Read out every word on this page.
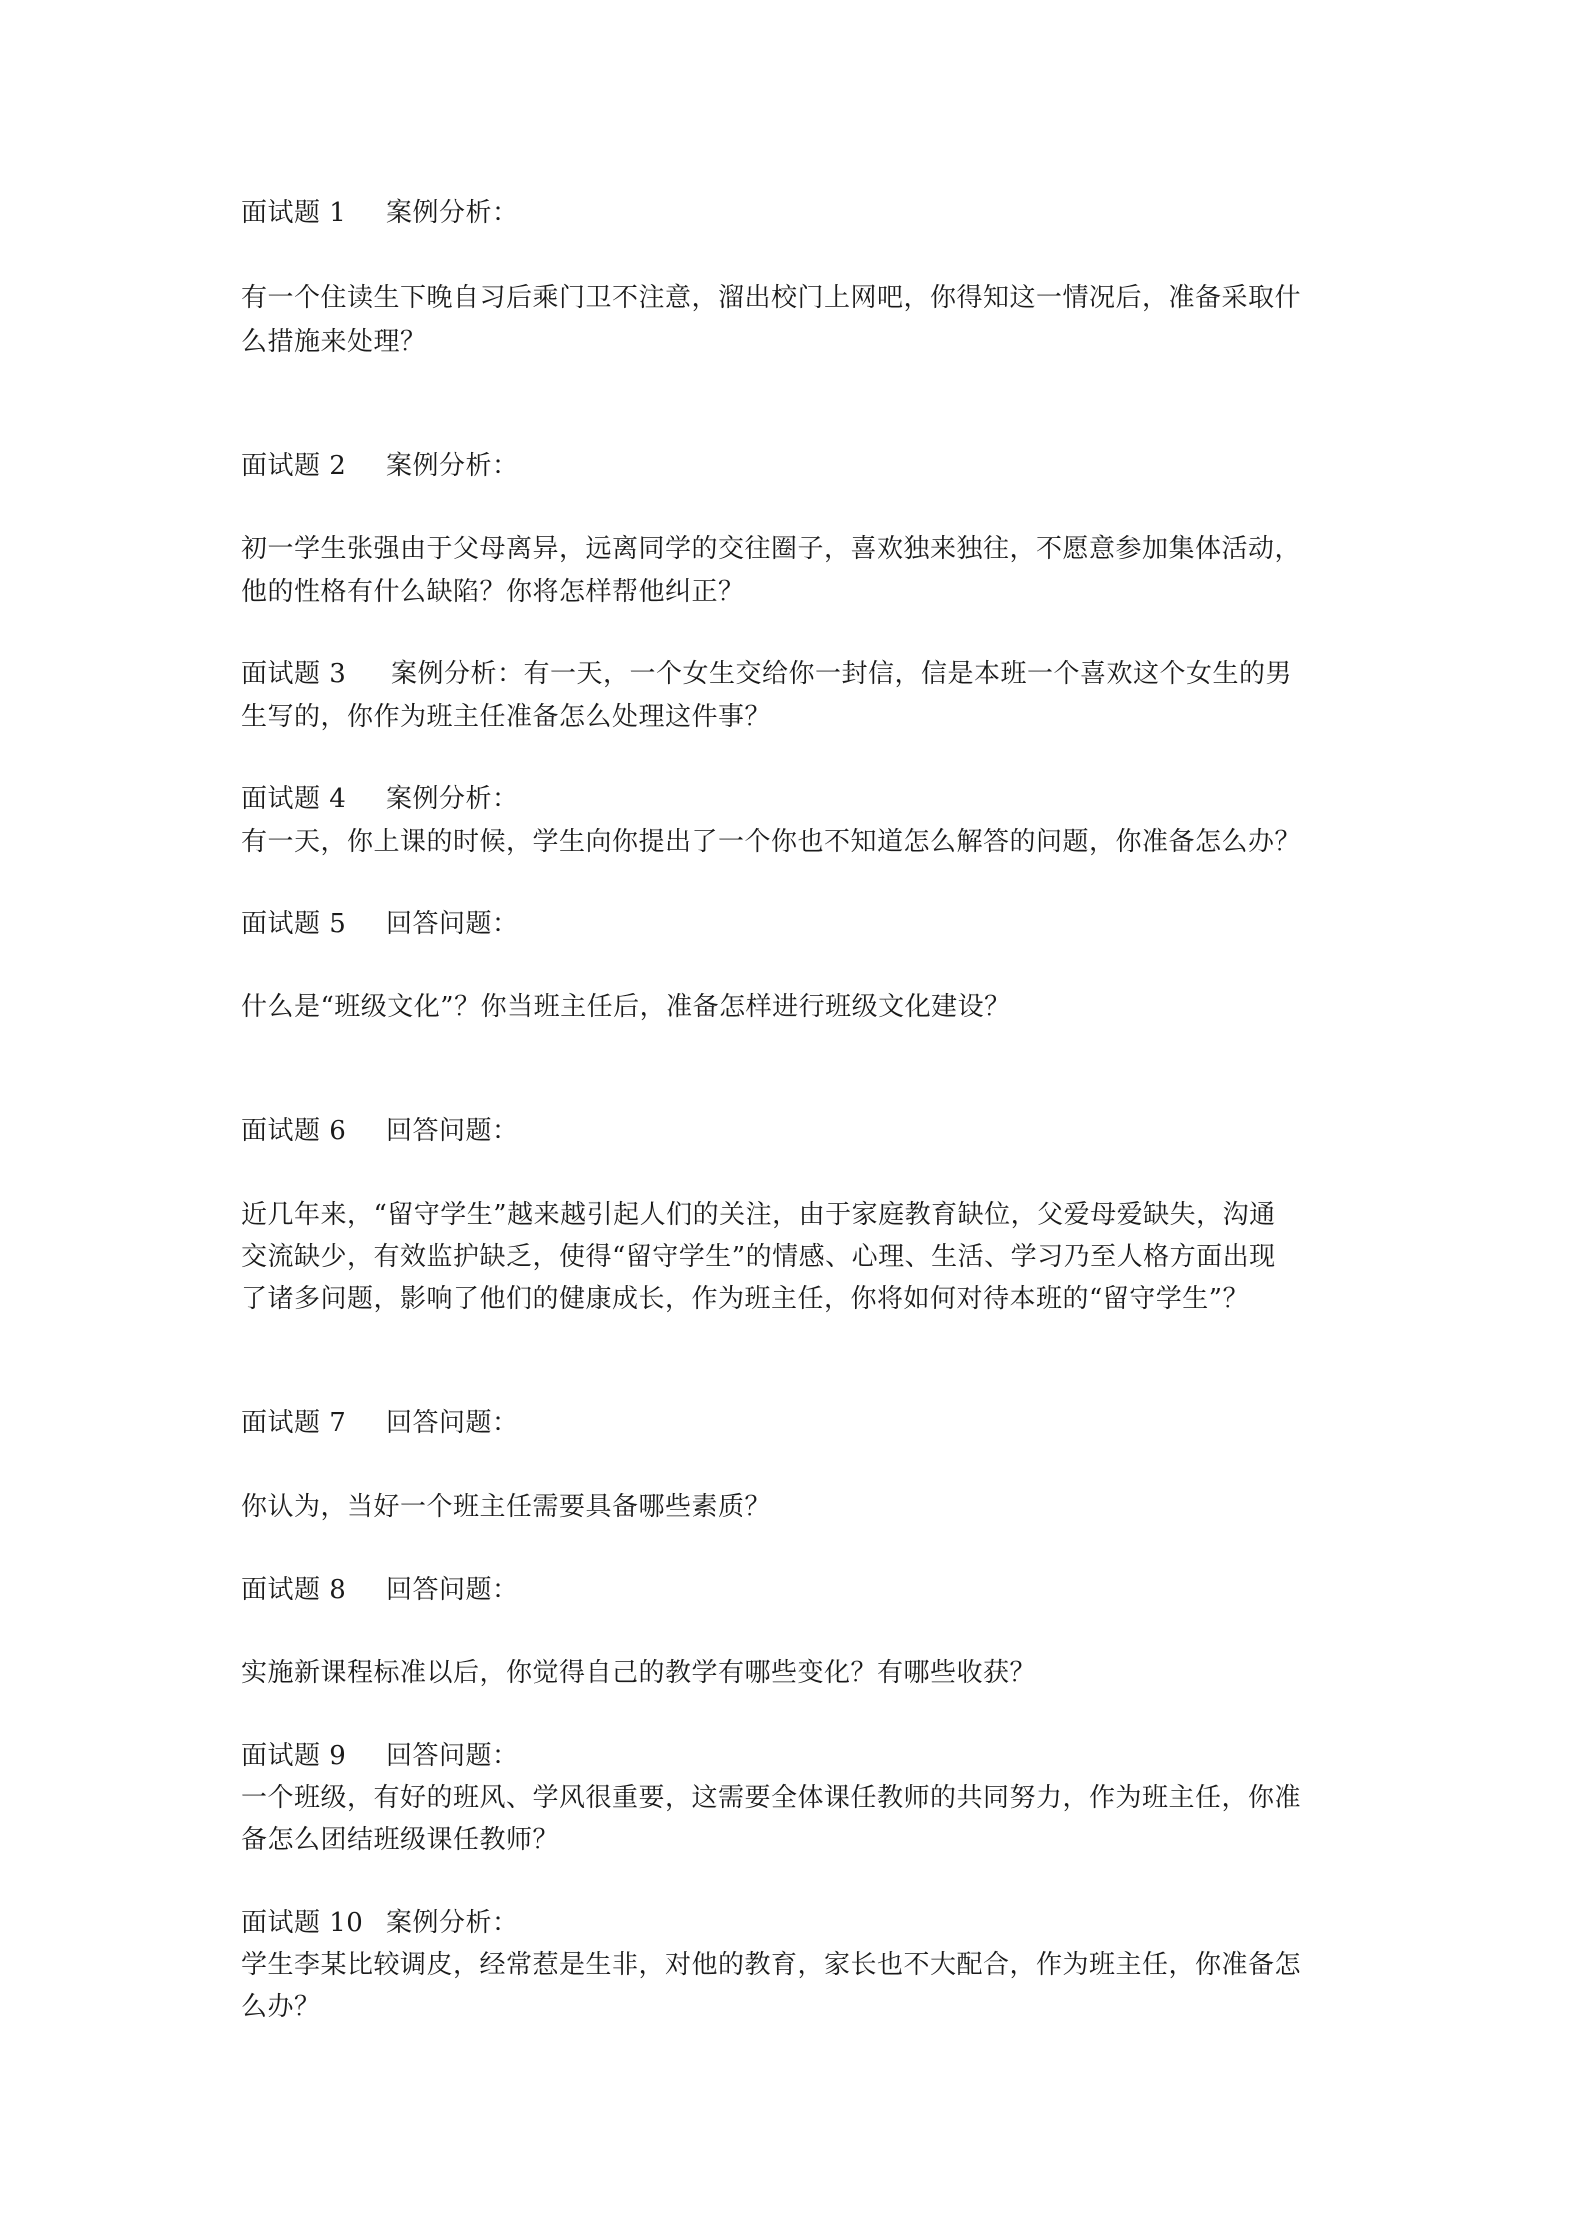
面试题 1 案例分析：
有一个住读生下晚自习后乘门卫不注意，溜出校门上网吧，你得知这一情况后，准备采取什
么措施来处理？
面试题 2 案例分析：
初一学生张强由于父母离异，远离同学的交往圈子，喜欢独来独往，不愿意参加集体活动，
他的性格有什么缺陷？你将怎样帮他纠正？
面试题 3 案例分析：有一天，一个女生交给你一封信，信是本班一个喜欢这个女生的男
生写的，你作为班主任准备怎么处理这件事？
面试题 4 案例分析：
有一天，你上课的时候，学生向你提出了一个你也不知道怎么解答的问题，你准备怎么办？
面试题 5 回答问题：
什么是“班级文化”？你当班主任后，准备怎样进行班级文化建设？
面试题 6 回答问题：
近几年来，“留守学生”越来越引起人们的关注，由于家庭教育缺位，父爱母爱缺失，沟通
交流缺少，有效监护缺乏，使得“留守学生”的情感、心理、生活、学习乃至人格方面出现
了诸多问题，影响了他们的健康成长，作为班主任，你将如何对待本班的“留守学生”？
面试题 7 回答问题：
你认为，当好一个班主任需要具备哪些素质？
面试题 8 回答问题：
实施新课程标准以后，你觉得自己的教学有哪些变化？有哪些收获？
面试题 9 回答问题：
一个班级，有好的班风、学风很重要，这需要全体课任教师的共同努力，作为班主任，你准
备怎么团结班级课任教师？
面试题 10 案例分析：
学生李某比较调皮，经常惹是生非，对他的教育，家长也不大配合，作为班主任，你准备怎
么办？
